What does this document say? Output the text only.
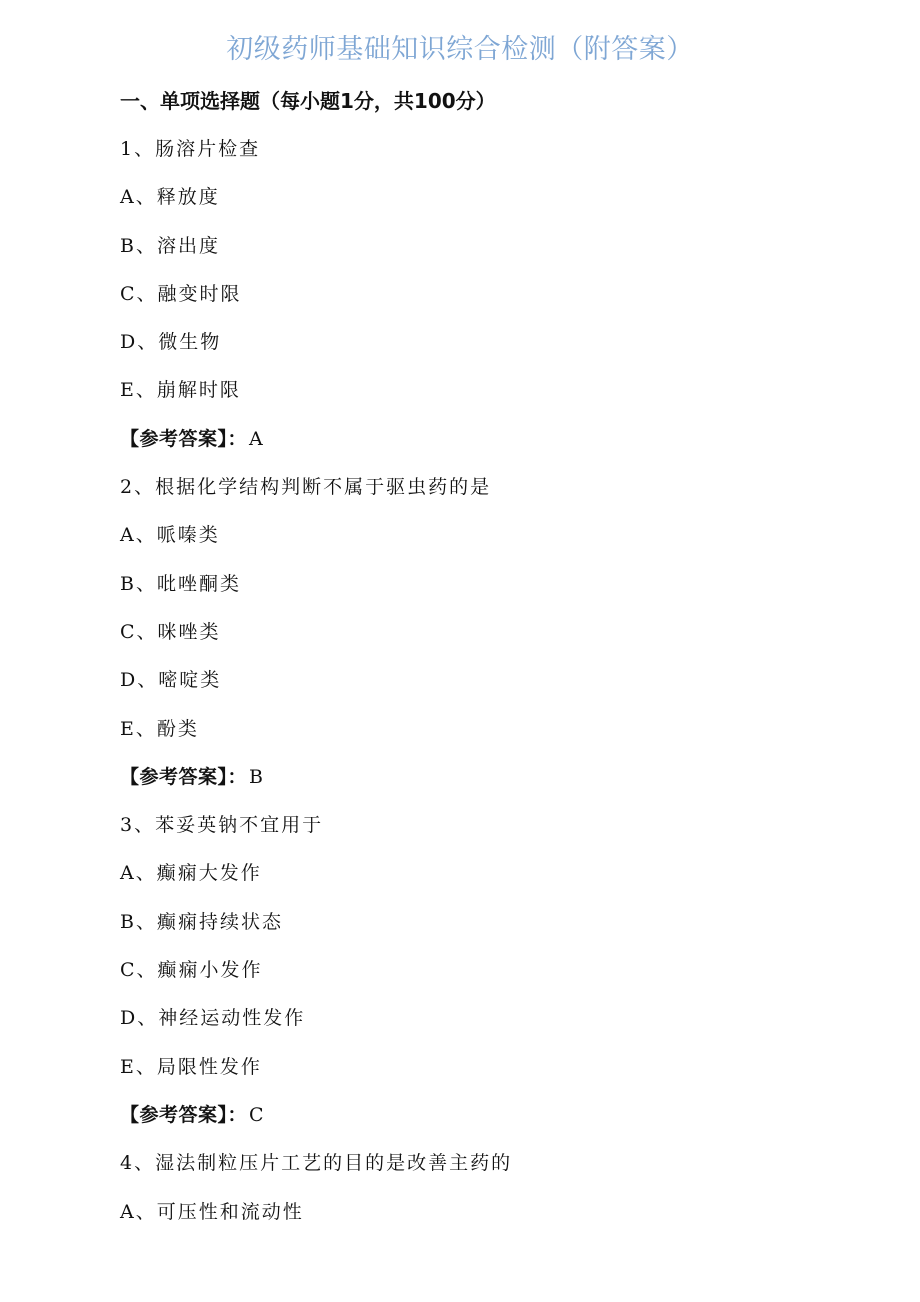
初级药师基础知识综合检测（附答案）
一、单项选择题（每小题1分，共100分）
1、肠溶片检查
A、释放度
B、溶出度
C、融变时限
D、微生物
E、崩解时限
【参考答案】： A
2、根据化学结构判断不属于驱虫药的是
A、哌嗪类
B、吡唑酮类
C、咪唑类
D、嘧啶类
E、酚类
【参考答案】： B
3、苯妥英钠不宜用于
A、癫痫大发作
B、癫痫持续状态
C、癫痫小发作
D、神经运动性发作
E、局限性发作
【参考答案】： C
4、湿法制粒压片工艺的目的是改善主药的
A、可压性和流动性
